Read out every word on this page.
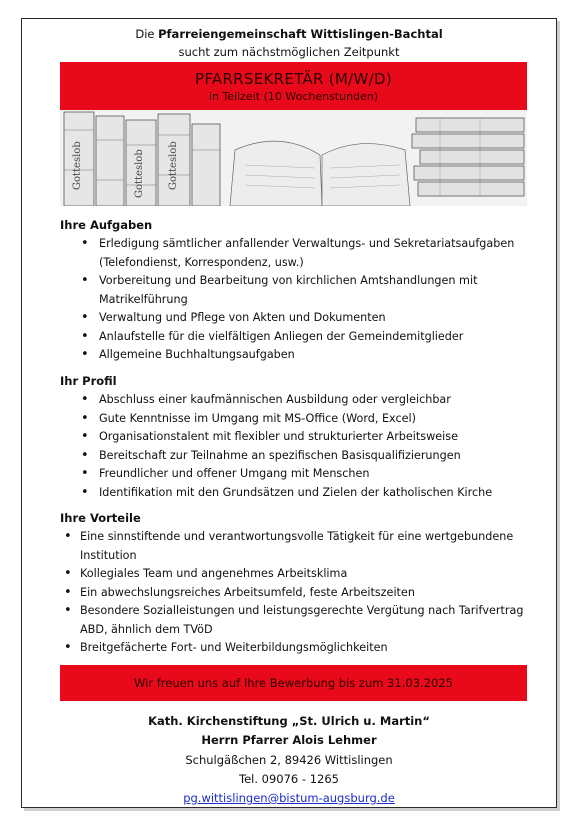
Die Pfarreiengemeinschaft Wittislingen-Bachtal
sucht zum nächstmöglichen Zeitpunkt
PFARRSEKRETÄR (M/W/D)
in Teilzeit (10 Wochenstunden)
Gotteslob	Gotteslob Gotteslob
Ihre Aufgaben
• Erledigung sämtlicher anfallender Verwaltungs- und Sekretariatsaufgaben (Telefondienst, Korrespondenz, usw.)
• Vorbereitung und Bearbeitung von kirchlichen Amtshandlungen mit Matrikelführung
• Verwaltung und Pflege von Akten und Dokumenten
• Anlaufstelle für die vielfältigen Anliegen der Gemeindemitglieder
• Allgemeine Buchhaltungsaufgaben
Ihr Profil
• Abschluss einer kaufmännischen Ausbildung oder vergleichbar
• Gute Kenntnisse im Umgang mit MS-Office (Word, Excel)
• Organisationstalent mit flexibler und strukturierter Arbeitsweise
• Bereitschaft zur Teilnahme an spezifischen Basisqualifizierungen
• Freundlicher und offener Umgang mit Menschen
• Identifikation mit den Grundsätzen und Zielen der katholischen Kirche
Ihre Vorteile
• Eine sinnstiftende und verantwortungsvolle Tätigkeit für eine wertgebundene Institution
• Kollegiales Team und angenehmes Arbeitsklima
• Ein abwechslungsreiches Arbeitsumfeld, feste Arbeitszeiten
• Besondere Sozialleistungen und leistungsgerechte Vergütung nach Tarifvertrag ABD, ähnlich dem TVöD
• Breitgefächerte Fort- und Weiterbildungsmöglichkeiten
Wir freuen uns auf Ihre Bewerbung bis zum 31.03.2025
Kath. Kirchenstiftung „St. Ulrich u. Martin“
Herrn Pfarrer Alois Lehmer
Schulgäßchen 2, 89426 Wittislingen
Tel. 09076 - 1265
pg.wittislingen@bistum-augsburg.de
